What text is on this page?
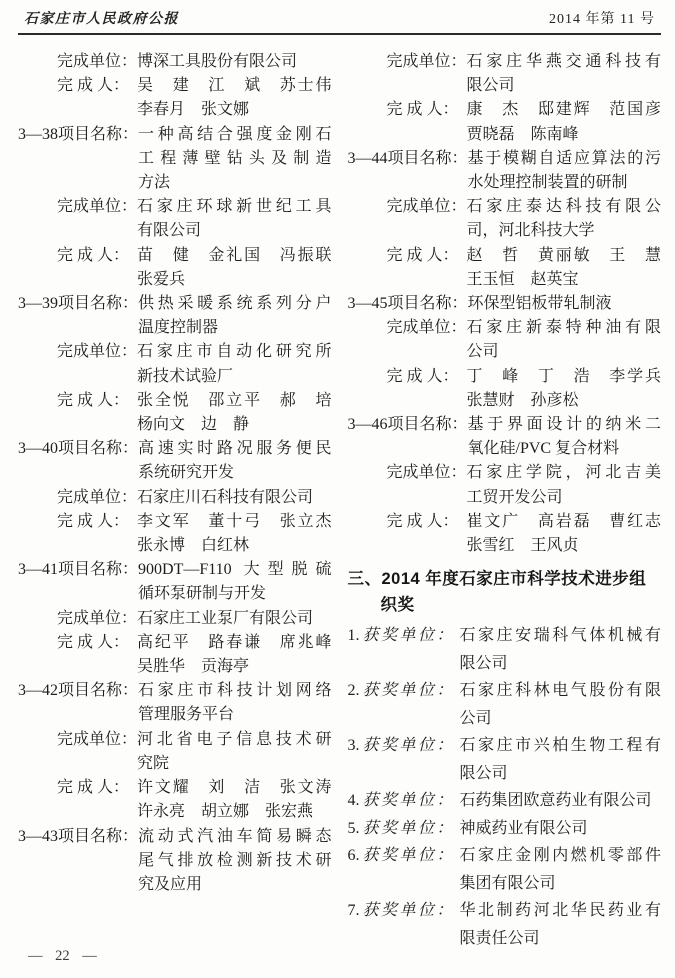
石家庄市人民政府公报	2014 年第 11 号
完成单位： 博深工具股份有限公司
完 成 人： 吴　建　江　斌　苏士伟
李春月　张文娜
3—38 项目名称： 一种高结合强度金刚石
工程薄壁钻头及制造
方法
完成单位： 石家庄环球新世纪工具
有限公司
完 成 人： 苗　健　金礼国　冯振联
张爱兵
3—39 项目名称： 供热采暖系统系列分户
温度控制器
完成单位： 石家庄市自动化研究所
新技术试验厂
完 成 人： 张全悦　邵立平　郝　培
杨向文　边　静
3—40 项目名称： 高速实时路况服务便民
系统研究开发
完成单位： 石家庄川石科技有限公司
完 成 人： 李文军　董十弓　张立杰
张永博　白红林
3—41 项目名称： 900DT—F110 大型脱硫
循环泵研制与开发
完成单位： 石家庄工业泵厂有限公司
完 成 人： 高纪平　路春谦　席兆峰
吴胜华　贡海亭
3—42 项目名称： 石家庄市科技计划网络
管理服务平台
完成单位： 河北省电子信息技术研
究院
完 成 人： 许文耀　刘　洁　张文涛
许永亮　胡立娜　张宏燕
3—43 项目名称： 流动式汽油车简易瞬态
尾气排放检测新技术研
究及应用
完成单位： 石家庄华燕交通科技有
限公司
完 成 人： 康　杰　邸建辉　范国彦
贾晓磊　陈南峰
3—44 项目名称： 基于模糊自适应算法的污
水处理控制装置的研制
完成单位： 石家庄泰达科技有限公
司，河北科技大学
完 成 人： 赵　哲　黄丽敏　王　慧
王玉恒　赵英宝
3—45 项目名称： 环保型铝板带轧制液
完成单位： 石家庄新泰特种油有限
公司
完 成 人： 丁　峰　丁　浩　李学兵
张慧财　孙彦松
3—46 项目名称： 基于界面设计的纳米二
氧化硅/PVC 复合材料
完成单位： 石家庄学院，河北吉美
工贸开发公司
完 成 人： 崔文广　高岩磊　曹红志
张雪红　王风贞
三、2014 年度石家庄市科学技术进步组
织奖
1. 获奖单位： 石家庄安瑞科气体机械有
限公司
2. 获奖单位： 石家庄科林电气股份有限
公司
3. 获奖单位： 石家庄市兴柏生物工程有
限公司
4. 获奖单位： 石药集团欧意药业有限公司
5. 获奖单位： 神威药业有限公司
6. 获奖单位： 石家庄金刚内燃机零部件
集团有限公司
7. 获奖单位： 华北制药河北华民药业有
限责任公司
— 22 —
